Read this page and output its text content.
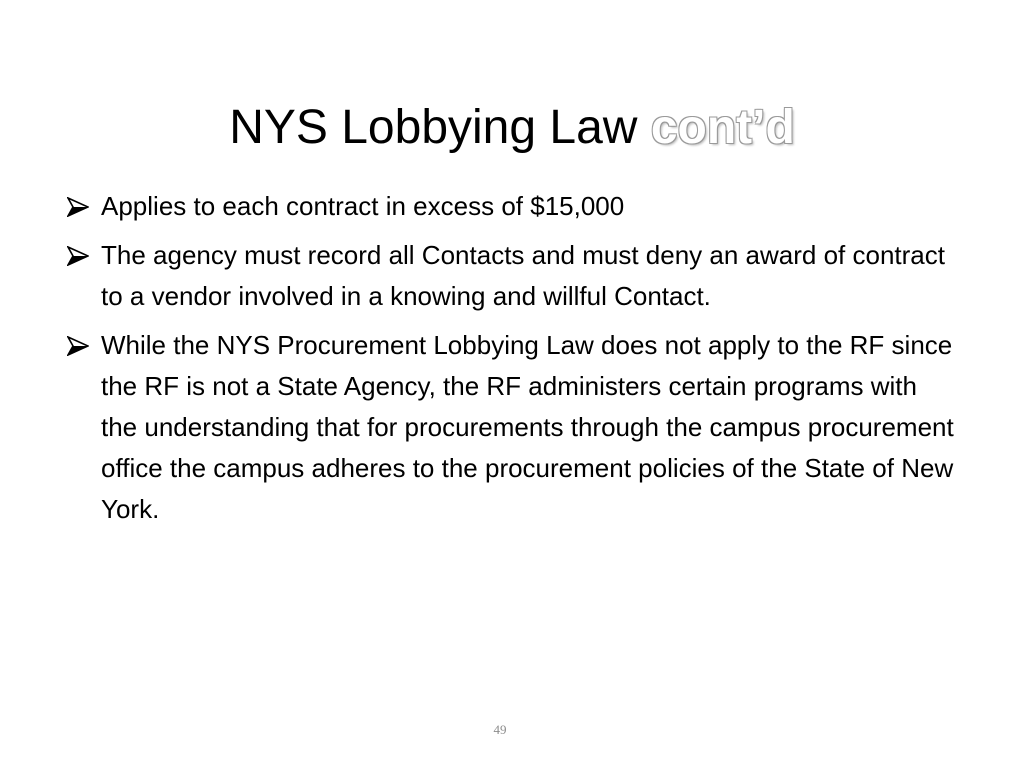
NYS Lobbying Law cont’d
Applies to each contract in excess of $15,000
The agency must record all Contacts and must deny an award of contract to a vendor involved in a knowing and willful Contact.
While the NYS Procurement Lobbying Law does not apply to the RF since the RF is not a State Agency, the RF administers certain programs with the understanding that for procurements through the campus procurement office the campus adheres to the procurement policies of the State of New York.
49
